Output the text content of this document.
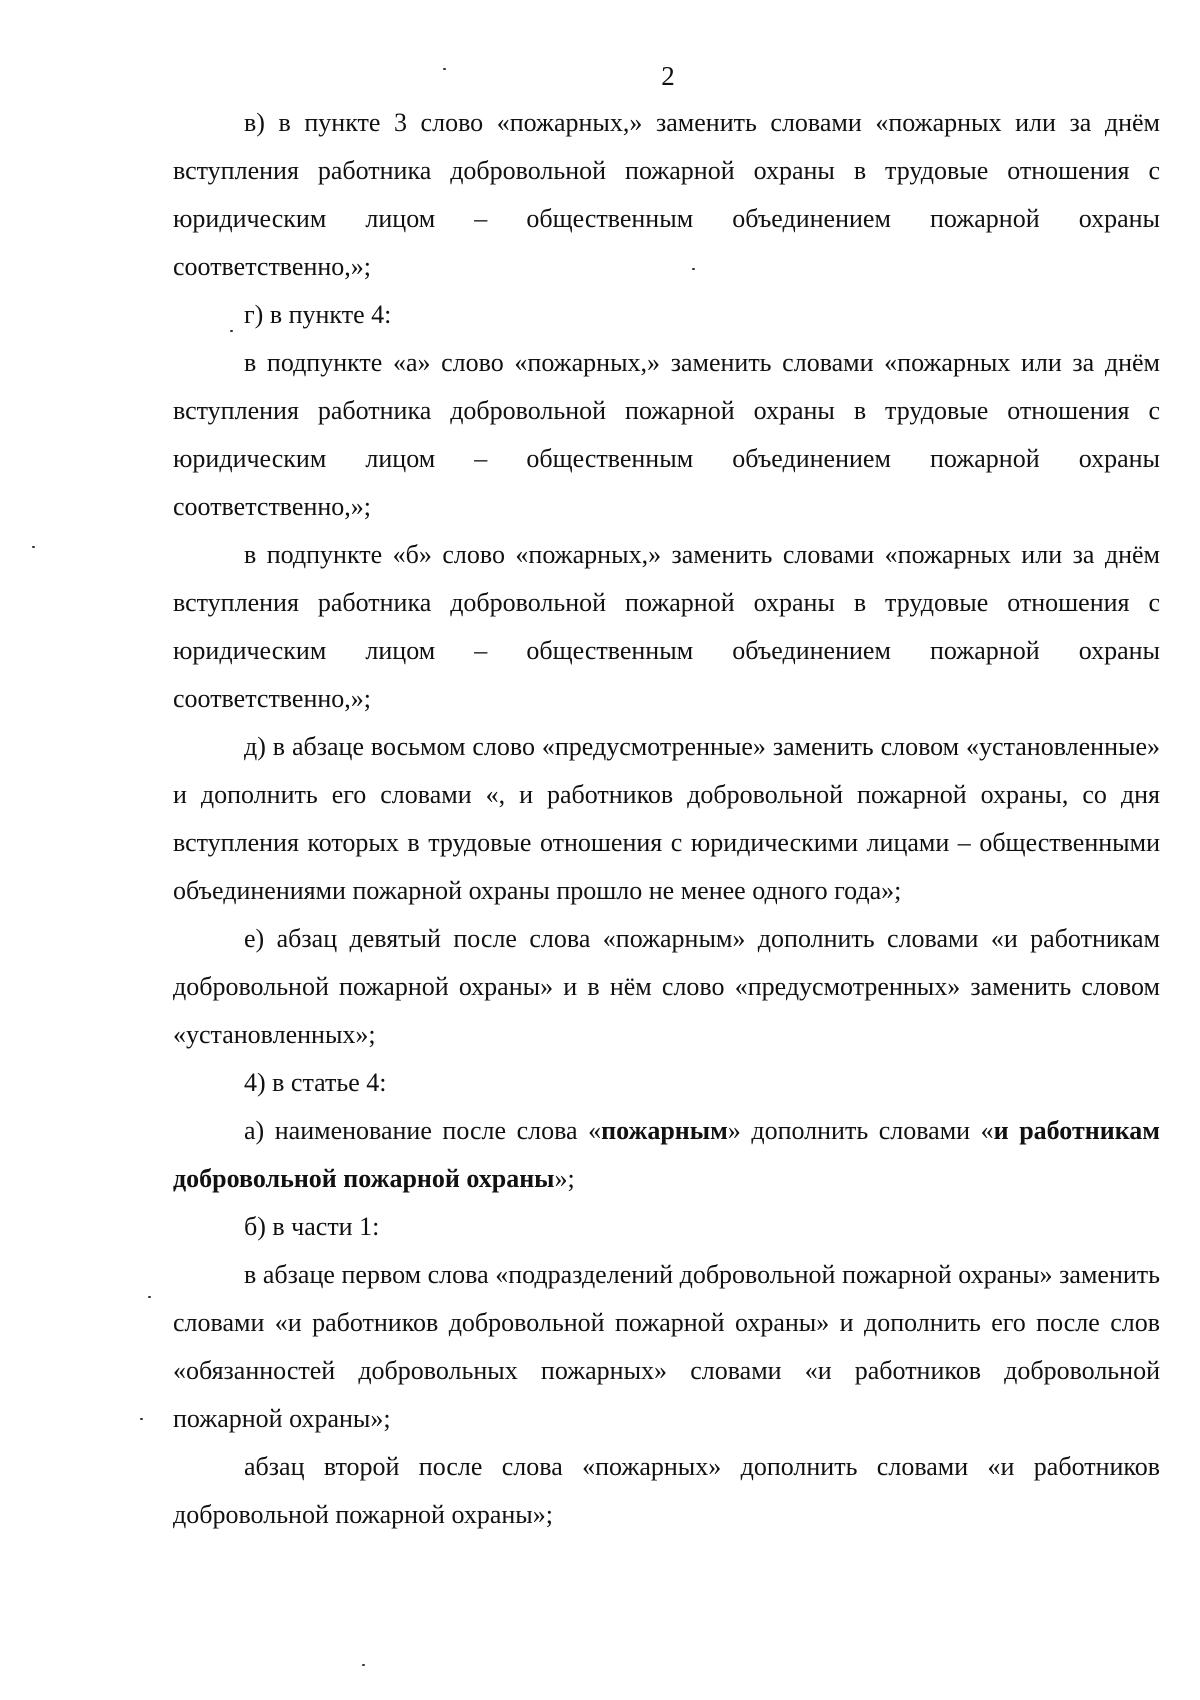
2

в) в пункте 3 слово «пожарных,» заменить словами «пожарных или за днём вступления работника добровольной пожарной охраны в трудовые отношения с юридическим лицом – общественным объединением пожарной охраны соответственно,»;

г) в пункте 4:

в подпункте «а» слово «пожарных,» заменить словами «пожарных или за днём вступления работника добровольной пожарной охраны в трудовые отношения с юридическим лицом – общественным объединением пожарной охраны соответственно,»;

в подпункте «б» слово «пожарных,» заменить словами «пожарных или за днём вступления работника добровольной пожарной охраны в трудовые отношения с юридическим лицом – общественным объединением пожарной охраны соответственно,»;

д) в абзаце восьмом слово «предусмотренные» заменить словом «установленные» и дополнить его словами «, и работников добровольной пожарной охраны, со дня вступления которых в трудовые отношения с юридическими лицами – общественными объединениями пожарной охраны прошло не менее одного года»;

е) абзац девятый после слова «пожарным» дополнить словами «и работникам добровольной пожарной охраны» и в нём слово «предусмотренных» заменить словом «установленных»;

4) в статье 4:

а) наименование после слова «пожарным» дополнить словами «и работникам добровольной пожарной охраны»;

б) в части 1:

в абзаце первом слова «подразделений добровольной пожарной охраны» заменить словами «и работников добровольной пожарной охраны» и дополнить его после слов «обязанностей добровольных пожарных» словами «и работников добровольной пожарной охраны»;

абзац второй после слова «пожарных» дополнить словами «и работников добровольной пожарной охраны»;
